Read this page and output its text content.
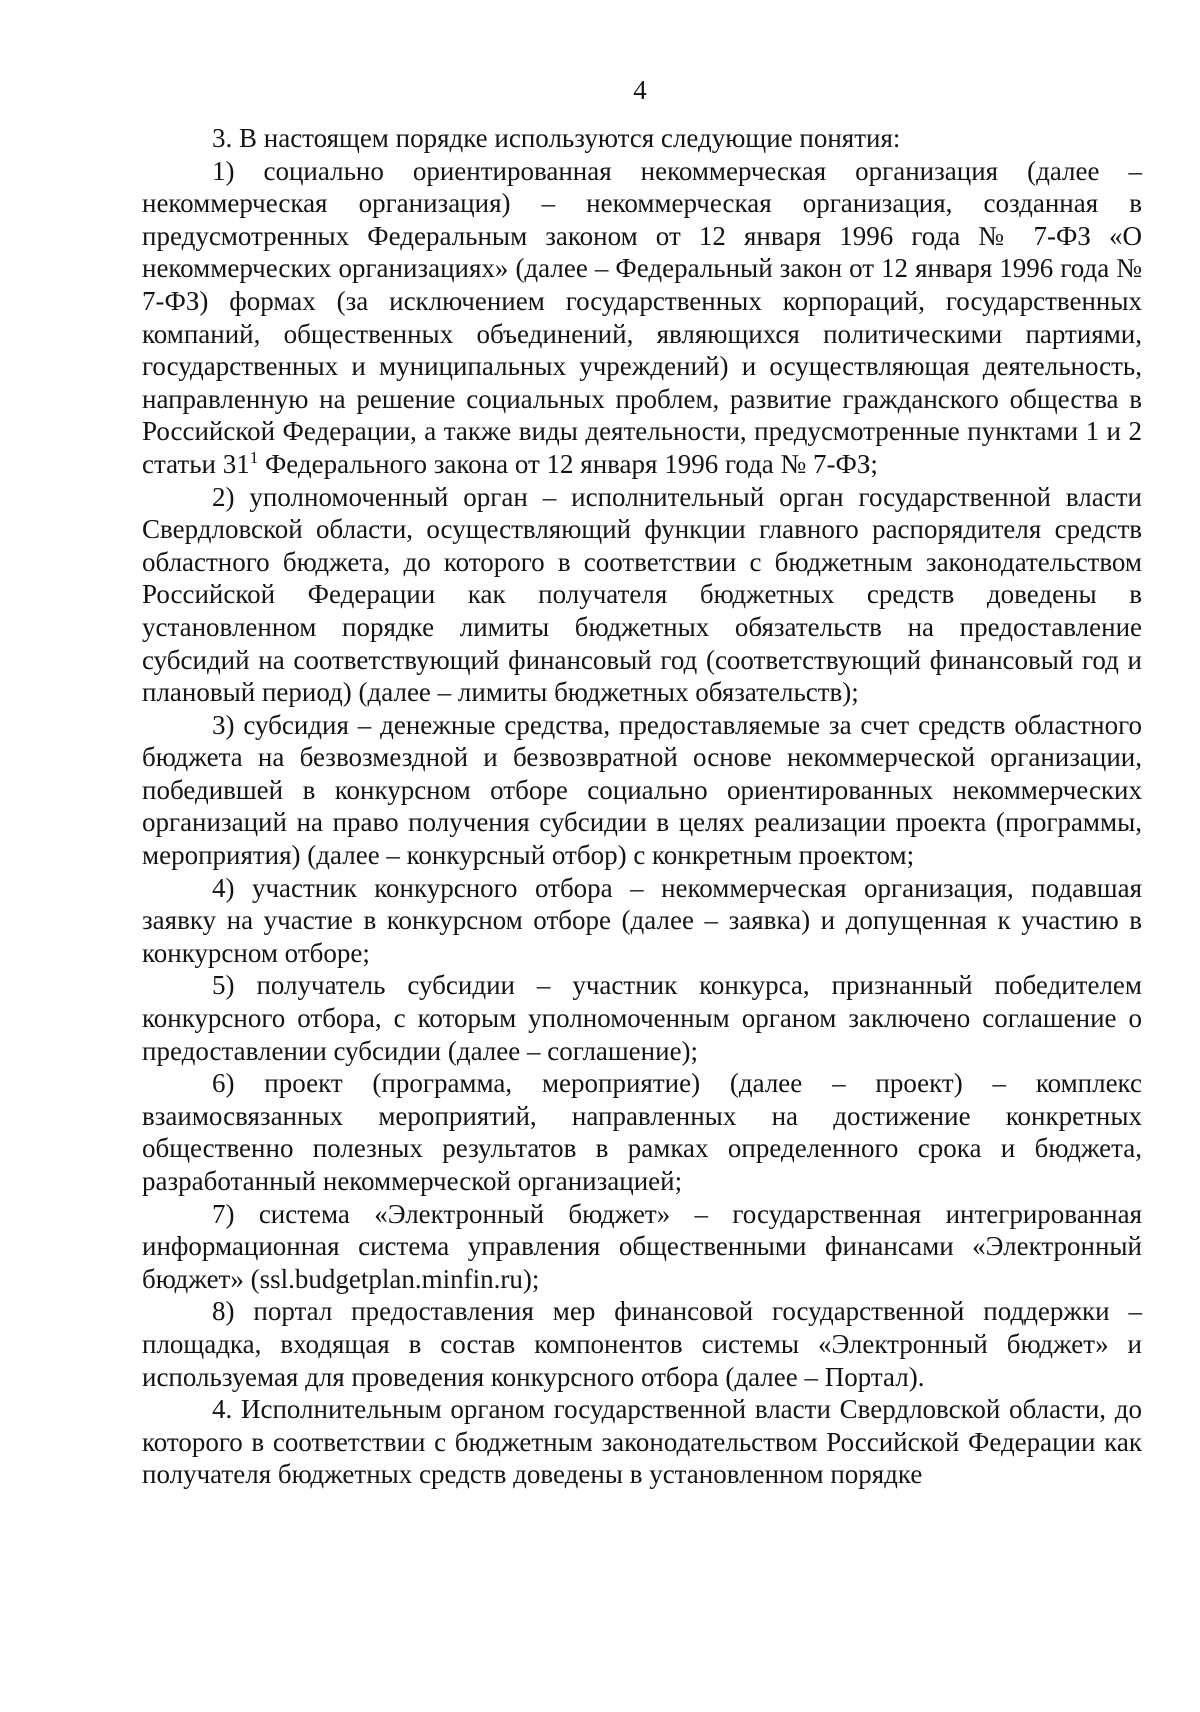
4

3. В настоящем порядке используются следующие понятия:

1) социально ориентированная некоммерческая организация (далее – некоммерческая организация) – некоммерческая организация, созданная в предусмотренных Федеральным законом от 12 января 1996 года № 7-ФЗ «О некоммерческих организациях» (далее – Федеральный закон от 12 января 1996 года № 7-ФЗ) формах (за исключением государственных корпораций, государственных компаний, общественных объединений, являющихся политическими партиями, государственных и муниципальных учреждений) и осуществляющая деятельность, направленную на решение социальных проблем, развитие гражданского общества в Российской Федерации, а также виды деятельности, предусмотренные пунктами 1 и 2 статьи $31^1$ Федерального закона от 12 января 1996 года № 7-ФЗ;

2) уполномоченный орган – исполнительный орган государственной власти Свердловской области, осуществляющий функции главного распорядителя средств областного бюджета, до которого в соответствии с бюджетным законодательством Российской Федерации как получателя бюджетных средств доведены в установленном порядке лимиты бюджетных обязательств на предоставление субсидий на соответствующий финансовый год (соответствующий финансовый год и плановый период) (далее – лимиты бюджетных обязательств);

3) субсидия – денежные средства, предоставляемые за счет средств областного бюджета на безвозмездной и безвозвратной основе некоммерческой организации, победившей в конкурсном отборе социально ориентированных некоммерческих организаций на право получения субсидии в целях реализации проекта (программы, мероприятия) (далее – конкурсный отбор) с конкретным проектом;

4) участник конкурсного отбора – некоммерческая организация, подавшая заявку на участие в конкурсном отборе (далее – заявка) и допущенная к участию в конкурсном отборе;

5) получатель субсидии – участник конкурса, признанный победителем конкурсного отбора, с которым уполномоченным органом заключено соглашение о предоставлении субсидии (далее – соглашение);

6) проект (программа, мероприятие) (далее – проект) – комплекс взаимосвязанных мероприятий, направленных на достижение конкретных общественно полезных результатов в рамках определенного срока и бюджета, разработанный некоммерческой организацией;

7) система «Электронный бюджет» – государственная интегрированная информационная система управления общественными финансами «Электронный бюджет» (ssl.budgetplan.minfin.ru);

8) портал предоставления мер финансовой государственной поддержки – площадка, входящая в состав компонентов системы «Электронный бюджет» и используемая для проведения конкурсного отбора (далее – Портал).

4. Исполнительным органом государственной власти Свердловской области, до которого в соответствии с бюджетным законодательством Российской Федерации как получателя бюджетных средств доведены в установленном порядке
